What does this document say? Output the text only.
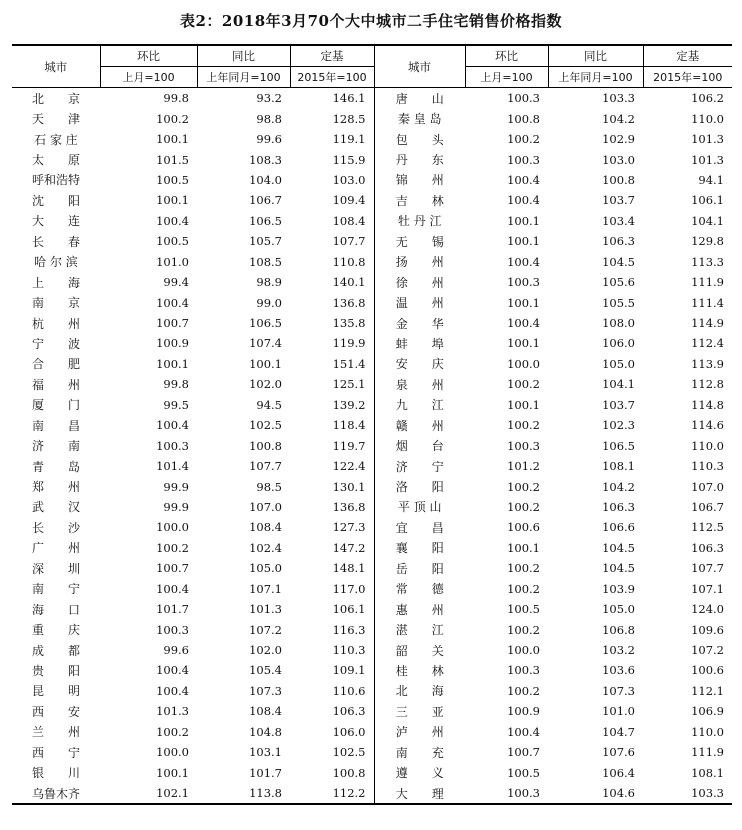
表2：2018年3月70个大中城市二手住宅销售价格指数
城市	环比	同比	定基	城市	环比	同比	定基
	上月=100	上年同月=100	2015年=100		上月=100	上年同月=100	2015年=100
北　　京	99.8	93.2	146.1	唐　　山	100.3	103.3	106.2
天　　津	100.2	98.8	128.5	秦 皇 岛	100.8	104.2	110.0
石 家 庄	100.1	99.6	119.1	包　　头	100.2	102.9	101.3
太　　原	101.5	108.3	115.9	丹　　东	100.3	103.0	101.3
呼和浩特	100.5	104.0	103.0	锦　　州	100.4	100.8	94.1
沈　　阳	100.1	106.7	109.4	吉　　林	100.4	103.7	106.1
大　　连	100.4	106.5	108.4	牡 丹 江	100.1	103.4	104.1
长　　春	100.5	105.7	107.7	无　　锡	100.1	106.3	129.8
哈 尔 滨	101.0	108.5	110.8	扬　　州	100.4	104.5	113.3
上　　海	99.4	98.9	140.1	徐　　州	100.3	105.6	111.9
南　　京	100.4	99.0	136.8	温　　州	100.1	105.5	111.4
杭　　州	100.7	106.5	135.8	金　　华	100.4	108.0	114.9
宁　　波	100.9	107.4	119.9	蚌　　埠	100.1	106.0	112.4
合　　肥	100.1	100.1	151.4	安　　庆	100.0	105.0	113.9
福　　州	99.8	102.0	125.1	泉　　州	100.2	104.1	112.8
厦　　门	99.5	94.5	139.2	九　　江	100.1	103.7	114.8
南　　昌	100.4	102.5	118.4	赣　　州	100.2	102.3	114.6
济　　南	100.3	100.8	119.7	烟　　台	100.3	106.5	110.0
青　　岛	101.4	107.7	122.4	济　　宁	101.2	108.1	110.3
郑　　州	99.9	98.5	130.1	洛　　阳	100.2	104.2	107.0
武　　汉	99.9	107.0	136.8	平 顶 山	100.2	106.3	106.7
长　　沙	100.0	108.4	127.3	宜　　昌	100.6	106.6	112.5
广　　州	100.2	102.4	147.2	襄　　阳	100.1	104.5	106.3
深　　圳	100.7	105.0	148.1	岳　　阳	100.2	104.5	107.7
南　　宁	100.4	107.1	117.0	常　　德	100.2	103.9	107.1
海　　口	101.7	101.3	106.1	惠　　州	100.5	105.0	124.0
重　　庆	100.3	107.2	116.3	湛　　江	100.2	106.8	109.6
成　　都	99.6	102.0	110.3	韶　　关	100.0	103.2	107.2
贵　　阳	100.4	105.4	109.1	桂　　林	100.3	103.6	100.6
昆　　明	100.4	107.3	110.6	北　　海	100.2	107.3	112.1
西　　安	101.3	108.4	106.3	三　　亚	100.9	101.0	106.9
兰　　州	100.2	104.8	106.0	泸　　州	100.4	104.7	110.0
西　　宁	100.0	103.1	102.5	南　　充	100.7	107.6	111.9
银　　川	100.1	101.7	100.8	遵　　义	100.5	106.4	108.1
乌鲁木齐	102.1	113.8	112.2	大　　理	100.3	104.6	103.3
